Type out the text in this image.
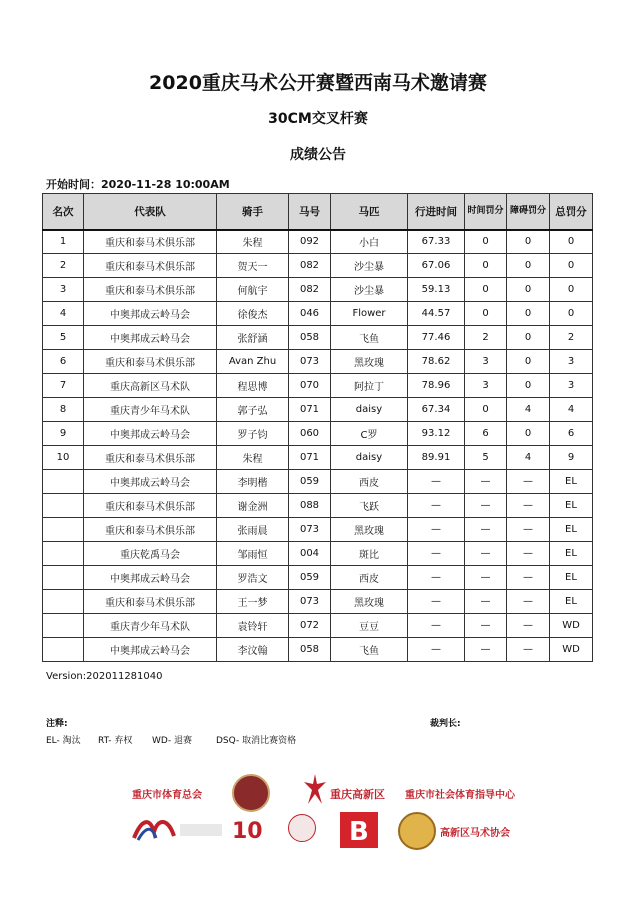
2020重庆马术公开赛暨西南马术邀请赛
30CM交叉杆赛
成绩公告
开始时间：2020-11-28 10:00AM
名次	代表队	骑手	马号	马匹	行进时间	时间罚分	障碍罚分	总罚分
1	重庆和泰马术俱乐部	朱程	092	小白	67.33	0	0	0
2	重庆和泰马术俱乐部	贺天一	082	沙尘暴	67.06	0	0	0
3	重庆和泰马术俱乐部	何航宇	082	沙尘暴	59.13	0	0	0
4	中奥邦成云岭马会	徐俊杰	046	Flower	44.57	0	0	0
5	中奥邦成云岭马会	张舒涵	058	飞鱼	77.46	2	0	2
6	重庆和泰马术俱乐部	Avan Zhu	073	黑玫瑰	78.62	3	0	3
7	重庆高新区马术队	程思博	070	阿拉丁	78.96	3	0	3
8	重庆青少年马术队	郭子弘	071	daisy	67.34	0	4	4
9	中奥邦成云岭马会	罗子钧	060	C罗	93.12	6	0	6
10	重庆和泰马术俱乐部	朱程	071	daisy	89.91	5	4	9
	中奥邦成云岭马会	李明楷	059	西皮	—	—	—	EL
	重庆和泰马术俱乐部	谢金洲	088	飞跃	—	—	—	EL
	重庆和泰马术俱乐部	张雨晨	073	黑玫瑰	—	—	—	EL
	重庆乾禹马会	邹雨恒	004	斑比	—	—	—	EL
	中奥邦成云岭马会	罗浩文	059	西皮	—	—	—	EL
	重庆和泰马术俱乐部	王一梦	073	黑玫瑰	—	—	—	EL
	重庆青少年马术队	袁铃轩	072	豆豆	—	—	—	WD
	中奥邦成云岭马会	李汶翰	058	飞鱼	—	—	—	WD
Version:202011281040
注释:	裁判长:
EL- 淘汰 RT- 弃权 WD- 退赛	DSQ- 取消比赛资格
重庆市体育总会	重庆高新区 重庆市社会体育指导中心
10	B	高新区马术协会
